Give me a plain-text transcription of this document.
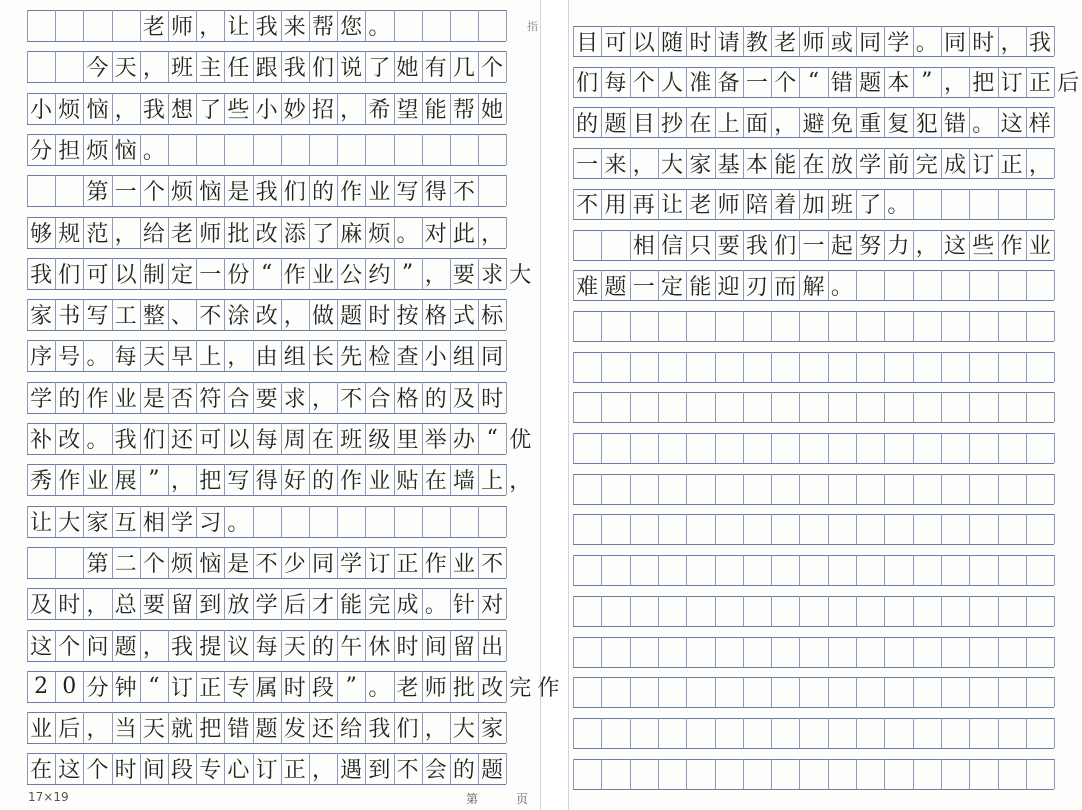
老 师 ， 让 我 来 帮 您 。

今 天 ， 班 主 任 跟 我 们 说 了 她 有 几 个
小 烦 恼 ， 我 想 了 些 小 妙 招 ， 希 望 能 帮 她
分 担 烦 恼 。

第 一 个 烦 恼 是 我 们 的 作 业 写 得 不
够 规 范 ， 给 老 师 批 改 添 了 麻 烦 。 对 此 ，
我 们 可 以 制 定 一 份 “ 作 业 公 约 ” ， 要 求 大
家 书 写 工 整 、 不 涂 改 ， 做 题 时 按 格 式 标
序 号 。 每 天 早 上 ， 由 组 长 先 检 查 小 组 同
学 的 作 业 是 否 符 合 要 求 ， 不 合 格 的 及 时
补 改 。 我 们 还 可 以 每 周 在 班 级 里 举 办 “ 优
秀 作 业 展 ” ， 把 写 得 好 的 作 业 贴 在 墙 上 ，
让 大 家 互 相 学 习 。

第 二 个 烦 恼 是 不 少 同 学 订 正 作 业 不
及 时 ， 总 要 留 到 放 学 后 才 能 完 成 。 针 对
这 个 问 题 ， 我 提 议 每 天 的 午 休 时 间 留 出
2 0 分 钟 “ 订 正 专 属 时 段 ” 。 老 师 批 改 完 作
业 后 ， 当 天 就 把 错 题 发 还 给 我 们 ， 大 家
在 这 个 时 间 段 专 心 订 正 ， 遇 到 不 会 的 题
指
17×19	第	页
目 可 以 随 时 请 教 老 师 或 同 学 。 同 时 ， 我
们 每 个 人 准 备 一 个 “ 错 题 本 ” ， 把 订 正 后
的 题 目 抄 在 上 面 ， 避 免 重 复 犯 错 。 这 样
一 来 ， 大 家 基 本 能 在 放 学 前 完 成 订 正 ，
不 用 再 让 老 师 陪 着 加 班 了 。

相 信 只 要 我 们 一 起 努 力 ， 这 些 作 业
难 题 一 定 能 迎 刃 而 解 。
